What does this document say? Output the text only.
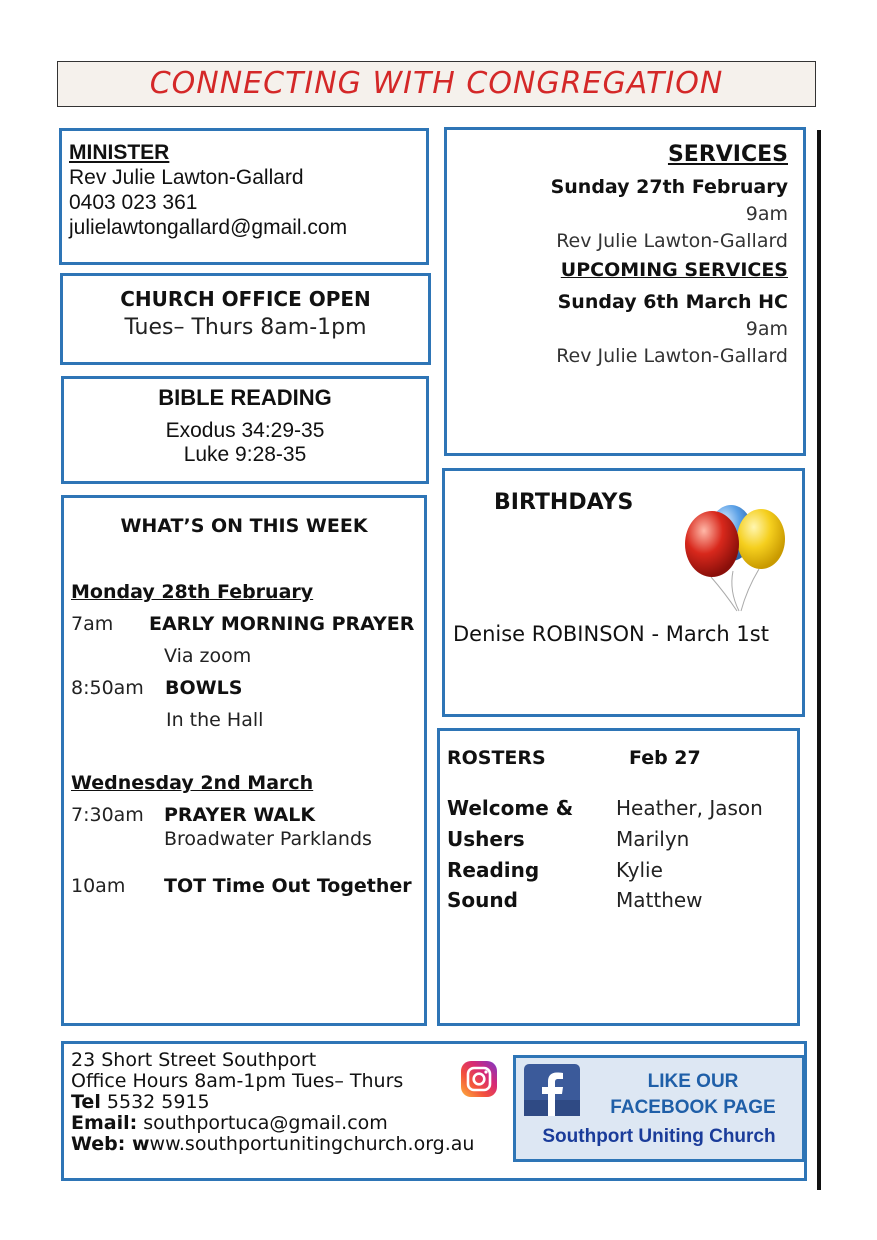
CONNECTING WITH CONGREGATION
MINISTER
Rev Julie Lawton-Gallard
0403 023 361
julielawtongallard@gmail.com
CHURCH OFFICE OPEN
Tues– Thurs 8am-1pm
BIBLE READING
Exodus 34:29-35
Luke 9:28-35
SERVICES
Sunday 27th February
9am
Rev Julie Lawton-Gallard
UPCOMING SERVICES
Sunday 6th March HC
9am
Rev Julie Lawton-Gallard
BIRTHDAYS
Denise ROBINSON - March 1st
WHAT’S ON THIS WEEK
Monday 28th February
7am EARLY MORNING PRAYER
Via zoom
8:50am BOWLS
In the Hall
Wednesday 2nd March
7:30am PRAYER WALK
Broadwater Parklands
10am TOT Time Out Together
ROSTERS	Feb 27
Welcome & Heather, Jason
Ushers	Marilyn
Reading	Kylie
Sound	Matthew
23 Short Street Southport
Office Hours 8am-1pm Tues– Thurs
Tel 5532 5915
Email: southportuca@gmail.com
Web: www.southportunitingchurch.org.au
LIKE OUR
FACEBOOK PAGE
Southport Uniting Church
